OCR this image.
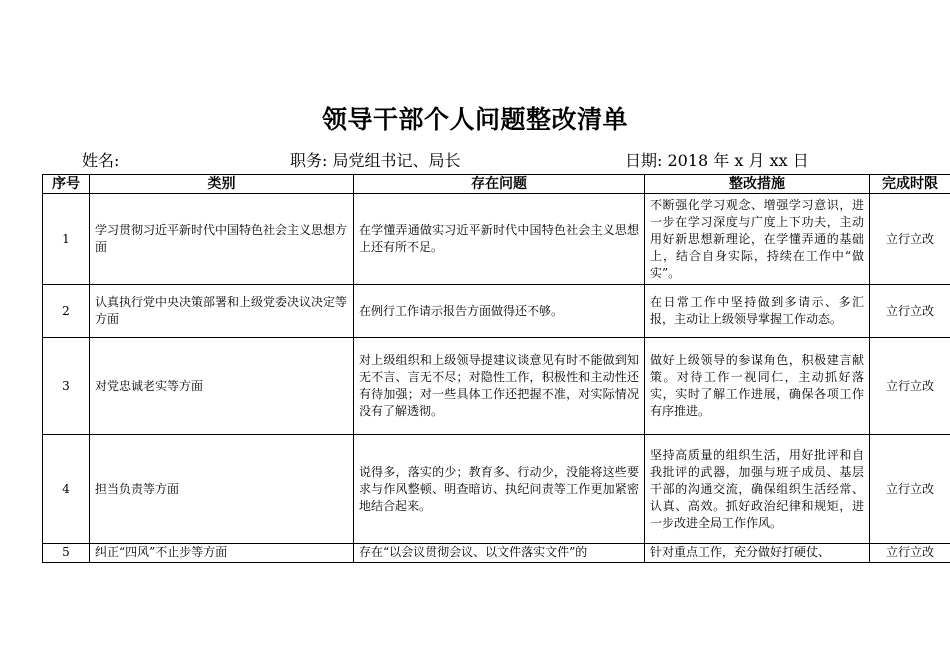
领导干部个人问题整改清单
姓名:	职务: 局党组书记、局长	日期: 2018 年 x 月 xx 日
序号	类别	存在问题	整改措施	完成时限
1	学习贯彻习近平新时代中国特色社会主义思想方面	在学懂弄通做实习近平新时代中国特色社会主义思想上还有所不足。	不断强化学习观念、增强学习意识，进一步在学习深度与广度上下功夫，主动用好新思想新理论，在学懂弄通的基础上，结合自身实际，持续在工作中“做实”。	立行立改
2	认真执行党中央决策部署和上级党委决议决定等方面	在例行工作请示报告方面做得还不够。	在日常工作中坚持做到多请示、多汇报，主动让上级领导掌握工作动态。	立行立改
3	对党忠诚老实等方面	对上级组织和上级领导提建议谈意见有时不能做到知无不言、言无不尽；对隐性工作，积极性和主动性还有待加强；对一些具体工作还把握不准，对实际情况没有了解透彻。	做好上级领导的参谋角色，积极建言献策。对待工作一视同仁，主动抓好落实，实时了解工作进展，确保各项工作有序推进。	立行立改
4	担当负责等方面	说得多，落实的少；教育多、行动少，没能将这些要求与作风整顿、明查暗访、执纪问责等工作更加紧密地结合起来。	坚持高质量的组织生活，用好批评和自我批评的武器，加强与班子成员、基层干部的沟通交流，确保组织生活经常、认真、高效。抓好政治纪律和规矩，进一步改进全局工作作风。	立行立改

5	纠正“四风”不止步等方面	存在“以会议贯彻会议、以文件落实文件”的	针对重点工作，充分做好打硬仗、	立行立改
